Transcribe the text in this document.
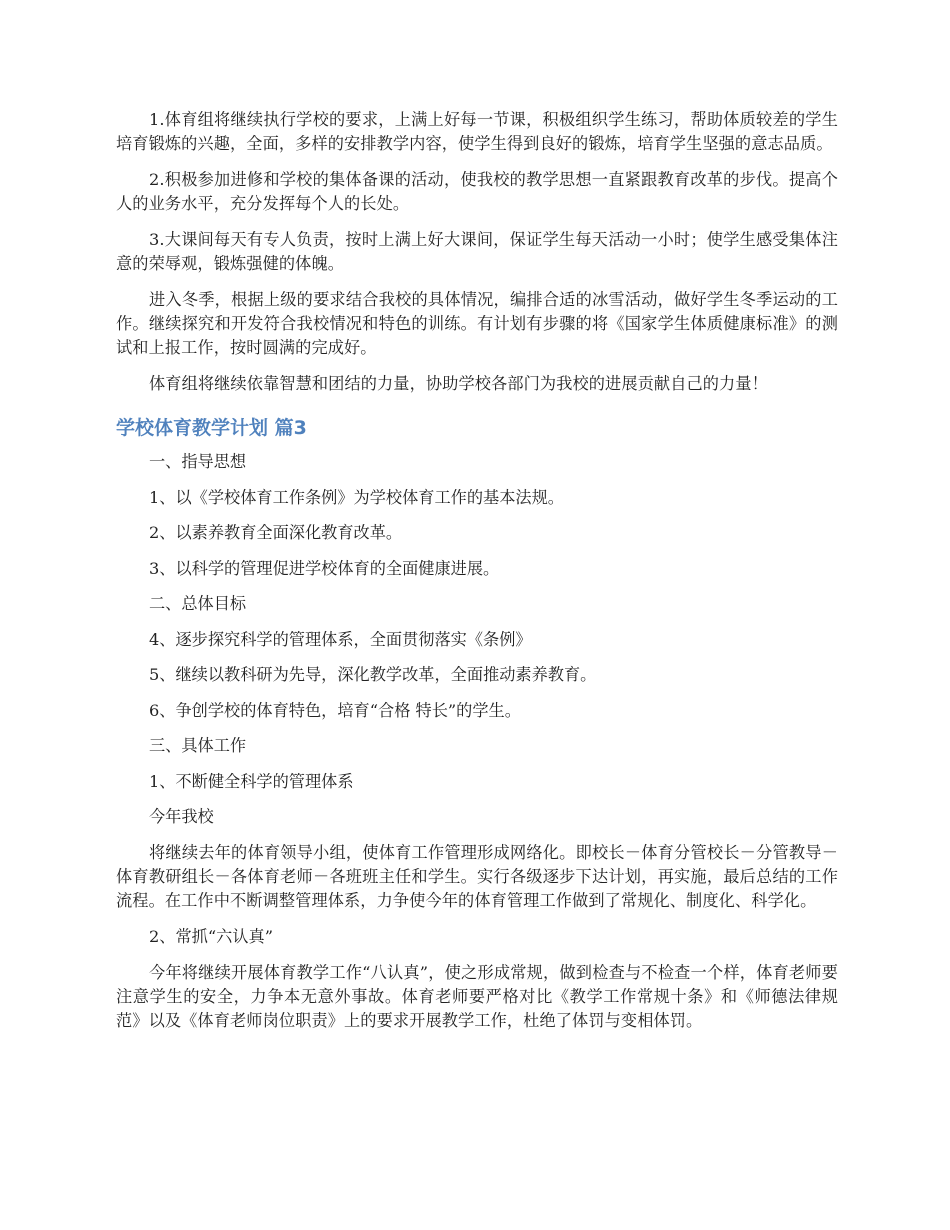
1.体育组将继续执行学校的要求，上满上好每一节课，积极组织学生练习，帮助体质较差的学生培育锻炼的兴趣，全面，多样的安排教学内容，使学生得到良好的锻炼，培育学生坚强的意志品质。

2.积极参加进修和学校的集体备课的活动，使我校的教学思想一直紧跟教育改革的步伐。提高个人的业务水平，充分发挥每个人的长处。

3.大课间每天有专人负责，按时上满上好大课间，保证学生每天活动一小时；使学生感受集体注意的荣辱观，锻炼强健的体魄。

进入冬季，根据上级的要求结合我校的具体情况，编排合适的冰雪活动，做好学生冬季运动的工作。继续探究和开发符合我校情况和特色的训练。有计划有步骤的将《国家学生体质健康标准》的测试和上报工作，按时圆满的完成好。

体育组将继续依靠智慧和团结的力量，协助学校各部门为我校的进展贡献自己的力量！

学校体育教学计划 篇3

一、指导思想

1、以《学校体育工作条例》为学校体育工作的基本法规。

2、以素养教育全面深化教育改革。

3、以科学的管理促进学校体育的全面健康进展。

二、总体目标

4、逐步探究科学的管理体系，全面贯彻落实《条例》

5、继续以教科研为先导，深化教学改革，全面推动素养教育。

6、争创学校的体育特色，培育“合格 特长”的学生。

三、具体工作

1、不断健全科学的管理体系

今年我校

将继续去年的体育领导小组，使体育工作管理形成网络化。即校长－体育分管校长－分管教导－体育教研组长－各体育老师－各班班主任和学生。实行各级逐步下达计划，再实施，最后总结的工作流程。在工作中不断调整管理体系，力争使今年的体育管理工作做到了常规化、制度化、科学化。

2、常抓“六认真”

今年将继续开展体育教学工作“八认真”，使之形成常规，做到检查与不检查一个样，体育老师要注意学生的安全，力争本无意外事故。体育老师要严格对比《教学工作常规十条》和《师德法律规范》以及《体育老师岗位职责》上的要求开展教学工作，杜绝了体罚与变相体罚。
